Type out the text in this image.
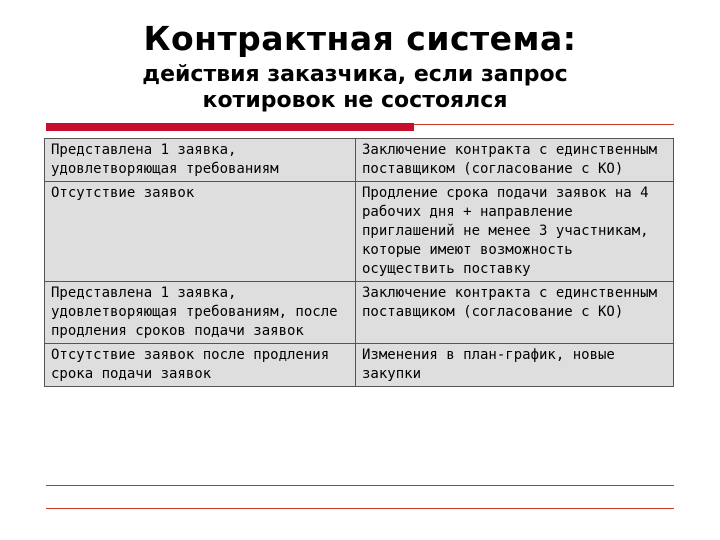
Контрактная система:
действия заказчика, если запрос
котировок не состоялся
Представлена 1 заявка, удовлетворяющая требованиям	Заключение контракта с единственным поставщиком (согласование с КО)
Отсутствие заявок	Продление срока подачи заявок на 4 рабочих дня + направление приглашений не менее 3 участникам, которые имеют возможность осуществить поставку
Представлена 1 заявка, удовлетворяющая требованиям, после продления сроков подачи заявок	Заключение контракта с единственным поставщиком (согласование с КО)
Отсутствие заявок после продления срока подачи заявок	Изменения в план-график, новые закупки
